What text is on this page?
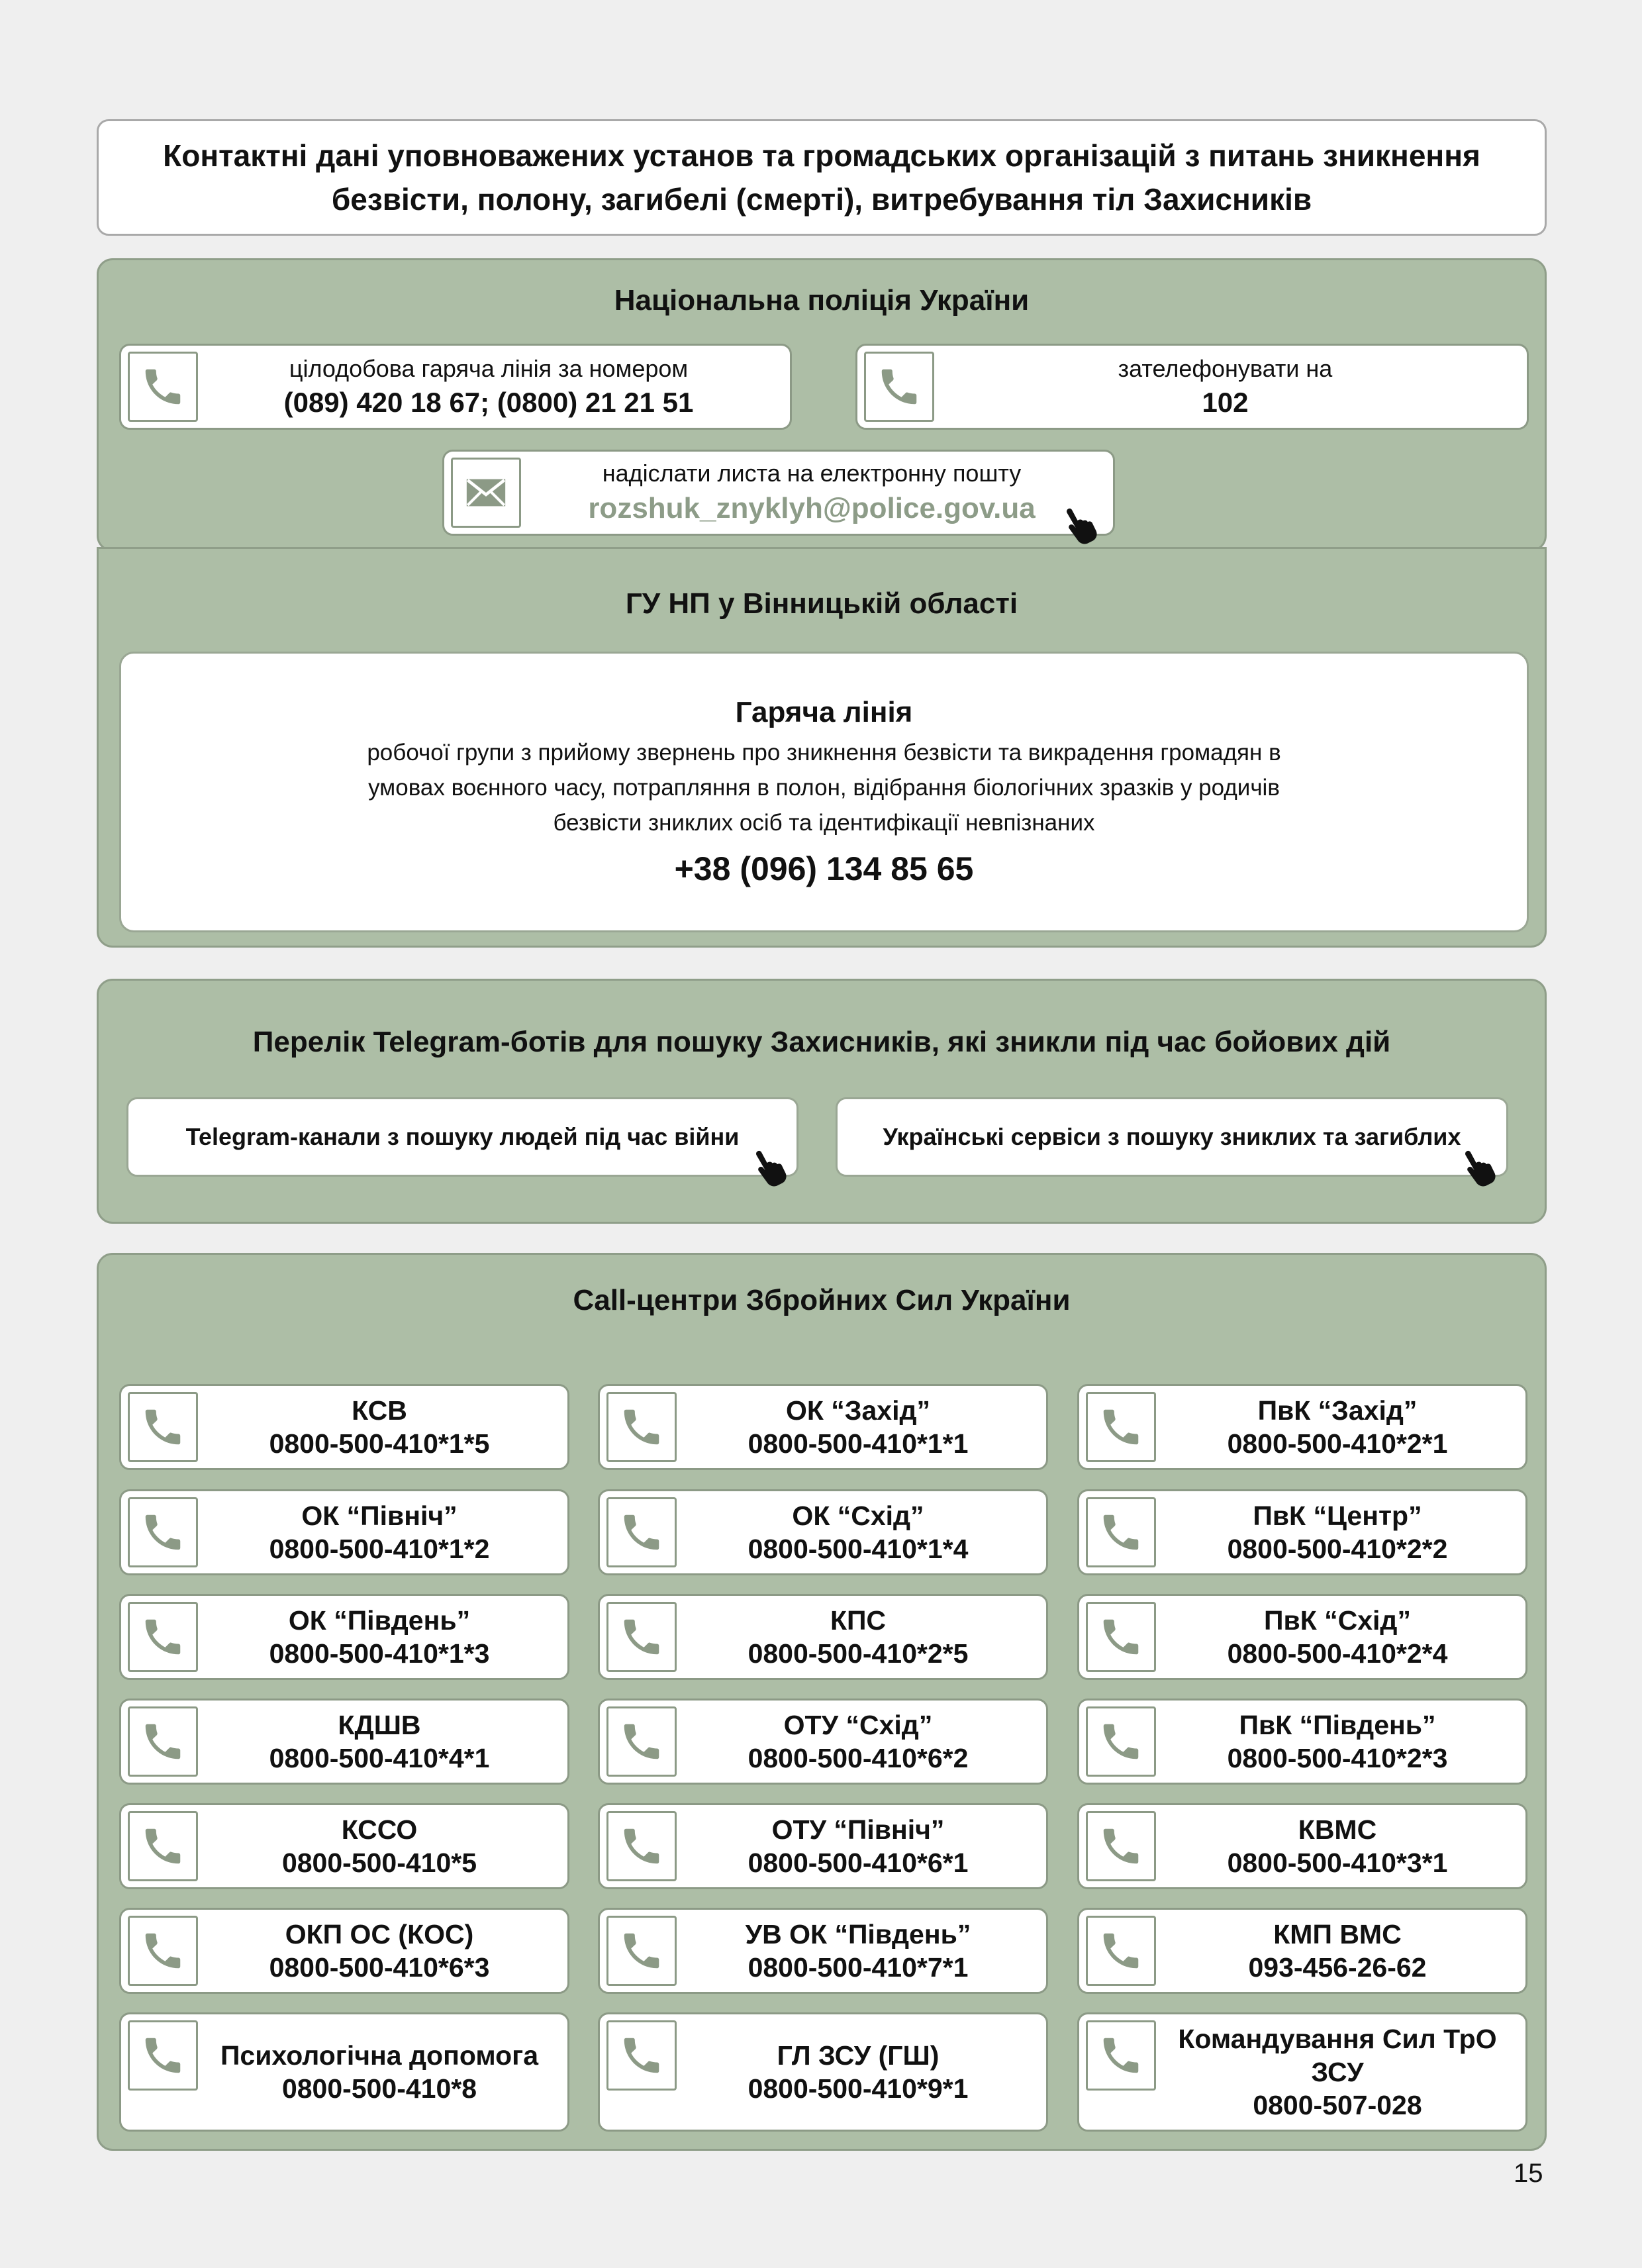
Контактні дані уповноважених установ та громадських організацій з питань зникнення безвісти, полону, загибелі (смерті), витребування тіл Захисників
Національна поліція України
цілодобова гаряча лінія за номером
(089) 420 18 67; (0800) 21 21 51
зателефонувати на
102
надіслати листа на електронну пошту
rozshuk_znyklyh@police.gov.ua
ГУ НП у Вінницькій області
Гаряча лінія
робочої групи з прийому звернень про зникнення безвісти та викрадення громадян в
умовах воєнного часу, потрапляння в полон, відібрання біологічних зразків у родичів
безвісти зниклих осіб та ідентифікації невпізнаних
+38 (096) 134 85 65
Перелік Telegram-ботів для пошуку Захисників, які зникли під час бойових дій
Telegram-канали з пошуку людей під час війни	Українські сервіси з пошуку зниклих та загиблих
Call-центри Збройних Сил України
КСВ
0800-500-410*1*5
ОК “Захід”
0800-500-410*1*1
ПвК “Захід”
0800-500-410*2*1
ОК “Північ”
0800-500-410*1*2
ОК “Схід”
0800-500-410*1*4
ПвК “Центр”
0800-500-410*2*2
ОК “Південь”
0800-500-410*1*3
КПС
0800-500-410*2*5
ПвК “Схід”
0800-500-410*2*4
КДШВ
0800-500-410*4*1
ОТУ “Схід”
0800-500-410*6*2
ПвК “Південь”
0800-500-410*2*3
КССО
0800-500-410*5
ОТУ “Північ”
0800-500-410*6*1
КВМС
0800-500-410*3*1
ОКП ОС (КОС)
0800-500-410*6*3
УВ ОК “Південь”
0800-500-410*7*1
КМП ВМС
093-456-26-62
Психологічна допомога
0800-500-410*8
ГЛ ЗСУ (ГШ)
0800-500-410*9*1
Командування Сил ТрО ЗСУ
0800-507-028
15
